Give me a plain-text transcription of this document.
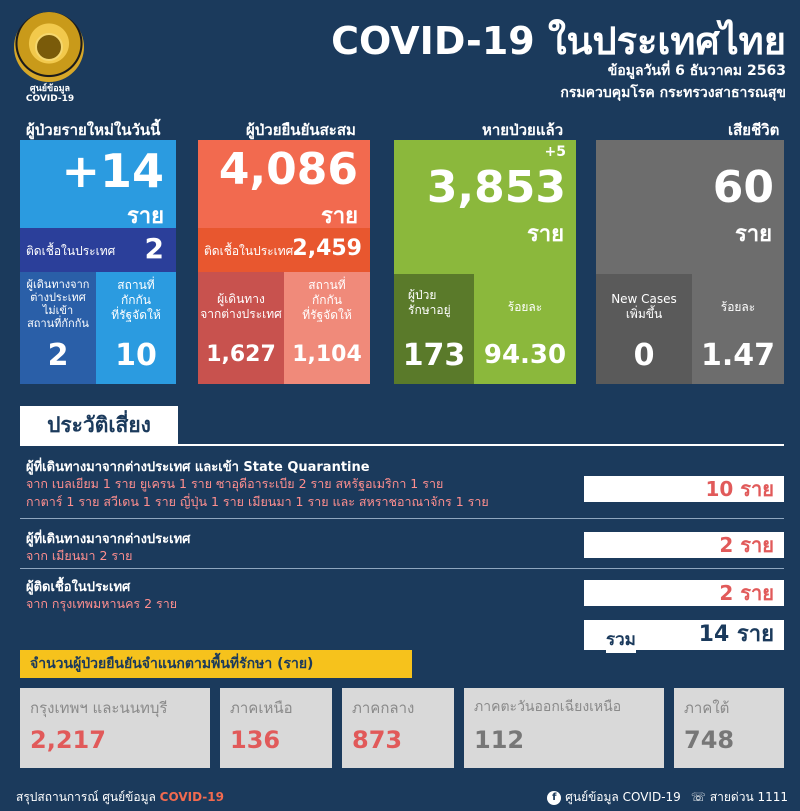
ศูนย์ข้อมูล
COVID-19
COVID-19 ในประเทศไทย
ข้อมูลวันที่ 6 ธันวาคม 2563
กรมควบคุมโรค กระทรวงสาธารณสุข
ผู้ป่วยรายใหม่ในวันนี้	ผู้ป่วยยืนยันสะสม	หายป่วยแล้ว	เสียชีวิต
+14
ราย
ติดเชื้อในประเทศ 2
ผู้เดินทางจาก
ต่างประเทศ
ไม่เข้า
สถานที่กักกัน
2
สถานที่
กักกัน
ที่รัฐจัดให้
10
4,086
ราย
ติดเชื้อในประเทศ 2,459
ผู้เดินทาง
จากต่างประเทศ
1,627
สถานที่
กักกัน
ที่รัฐจัดให้
1,104
+5
3,853
ราย
ผู้ป่วย
รักษาอยู่
173
ร้อยละ
94.30
60
ราย
New Cases
เพิ่มขึ้น
0
ร้อยละ
1.47
ประวัติเสี่ยง
ผู้ที่เดินทางมาจากต่างประเทศ และเข้า State Quarantine
จาก เบลเยียม 1 ราย ยูเครน 1 ราย ซาอุดีอาระเบีย 2 ราย สหรัฐอเมริกา 1 ราย
กาตาร์ 1 ราย สวีเดน 1 ราย ญี่ปุ่น 1 ราย เมียนมา 1 ราย และ สหราชอาณาจักร 1 ราย
10 ราย
ผู้ที่เดินทางมาจากต่างประเทศ
จาก เมียนมา 2 ราย	2 ราย
ผู้ติดเชื้อในประเทศ
จาก กรุงเทพมหานคร 2 ราย	2 ราย
รวม	14 ราย
จำนวนผู้ป่วยยืนยันจำแนกตามพื้นที่รักษา (ราย)
กรุงเทพฯ และนนทบุรี
2,217
ภาคเหนือ
136
ภาคกลาง
873
ภาคตะวันออกเฉียงเหนือ
112
ภาคใต้
748
สรุปสถานการณ์ ศูนย์ข้อมูล COVID-19	f ศูนย์ข้อมูล COVID-19 ☏ สายด่วน 1111
